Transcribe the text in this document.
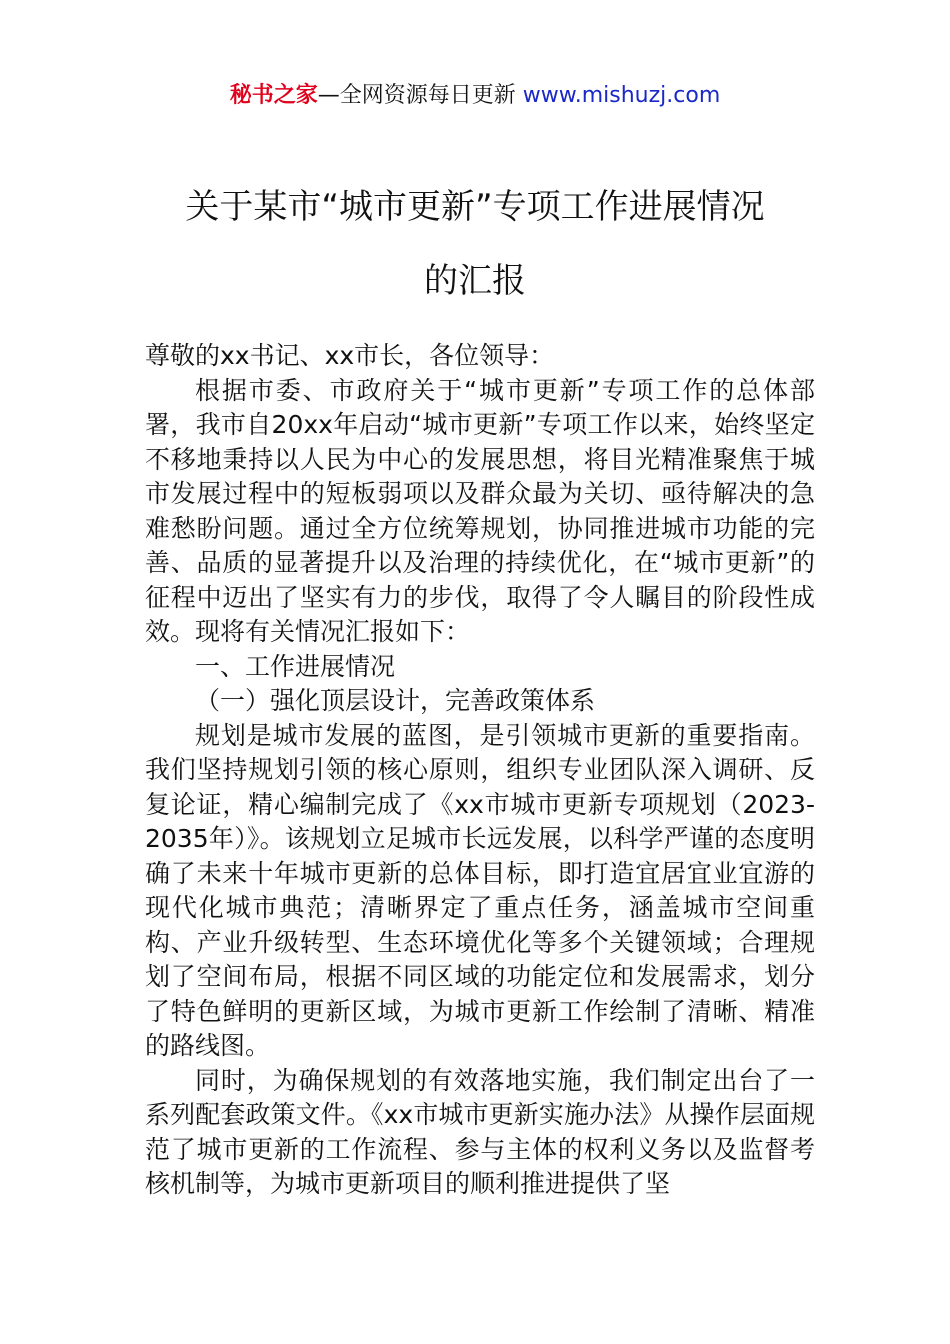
秘书之家—全网资源每日更新 www.mishuzj.com
关于某市“城市更新”专项工作进展情况
的汇报

尊敬的xx书记、xx市长，各位领导：

根据市委、市政府关于“城市更新”专项工作的总体部署，我市自20xx年启动“城市更新”专项工作以来，始终坚定不移地秉持以人民为中心的发展思想，将目光精准聚焦于城市发展过程中的短板弱项以及群众最为关切、亟待解决的急难愁盼问题。通过全方位统筹规划，协同推进城市功能的完善、品质的显著提升以及治理的持续优化，在“城市更新”的征程中迈出了坚实有力的步伐，取得了令人瞩目的阶段性成效。现将有关情况汇报如下：

一、工作进展情况

（一）强化顶层设计，完善政策体系

规划是城市发展的蓝图，是引领城市更新的重要指南。我们坚持规划引领的核心原则，组织专业团队深入调研、反复论证，精心编制完成了《xx市城市更新专项规划（2023-2035年）》。该规划立足城市长远发展，以科学严谨的态度明确了未来十年城市更新的总体目标，即打造宜居宜业宜游的现代化城市典范；清晰界定了重点任务，涵盖城市空间重构、产业升级转型、生态环境优化等多个关键领域；合理规划了空间布局，根据不同区域的功能定位和发展需求，划分了特色鲜明的更新区域，为城市更新工作绘制了清晰、精准的路线图。

同时，为确保规划的有效落地实施，我们制定出台了一系列配套政策文件。《xx市城市更新实施办法》从操作层面规范了城市更新的工作流程、参与主体的权利义务以及监督考核机制等，为城市更新项目的顺利推进提供了坚
